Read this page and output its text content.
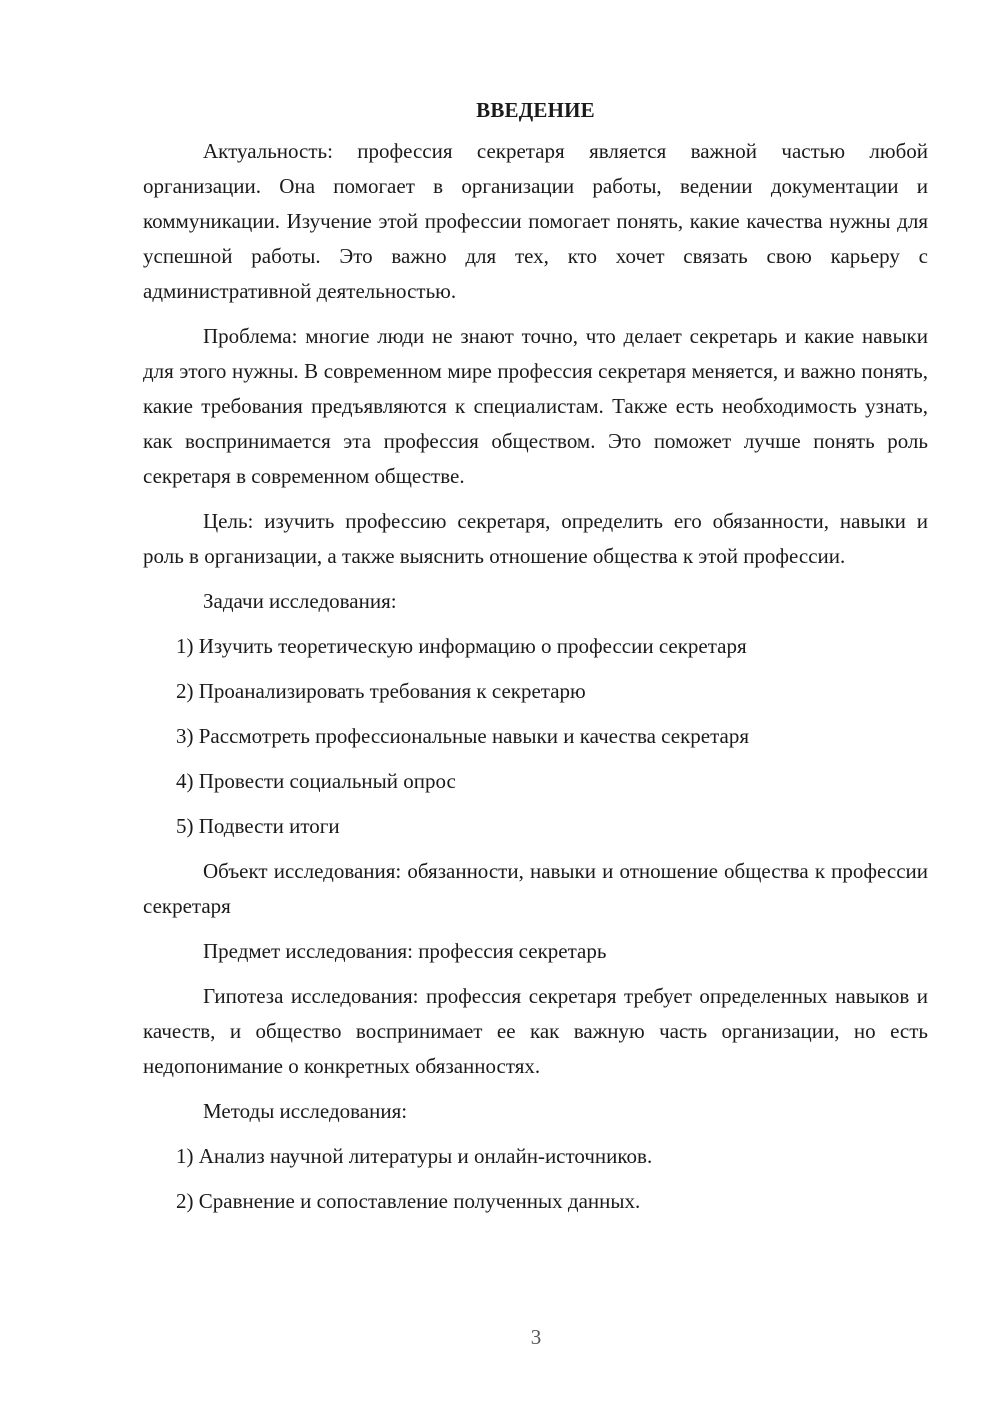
ВВЕДЕНИЕ

Актуальность: профессия секретаря является важной частью любой организации. Она помогает в организации работы, ведении документации и коммуникации. Изучение этой профессии помогает понять, какие качества нужны для успешной работы. Это важно для тех, кто хочет связать свою карьеру с административной деятельностью.

Проблема: многие люди не знают точно, что делает секретарь и какие навыки для этого нужны. В современном мире профессия секретаря меняется, и важно понять, какие требования предъявляются к специалистам. Также есть необходимость узнать, как воспринимается эта профессия обществом. Это поможет лучше понять роль секретаря в современном обществе.

Цель: изучить профессию секретаря, определить его обязанности, навыки и роль в организации, а также выяснить отношение общества к этой профессии.

Задачи исследования:

1) Изучить теоретическую информацию о профессии секретаря

2) Проанализировать требования к секретарю

3) Рассмотреть профессиональные навыки и качества секретаря

4) Провести социальный опрос

5) Подвести итоги

Объект исследования: обязанности, навыки и отношение общества к профессии секретаря

Предмет исследования: профессия секретарь

Гипотеза исследования: профессия секретаря требует определенных навыков и качеств, и общество воспринимает ее как важную часть организации, но есть недопонимание о конкретных обязанностях.

Методы исследования:

1) Анализ научной литературы и онлайн-источников.

2) Сравнение и сопоставление полученных данных.

3
